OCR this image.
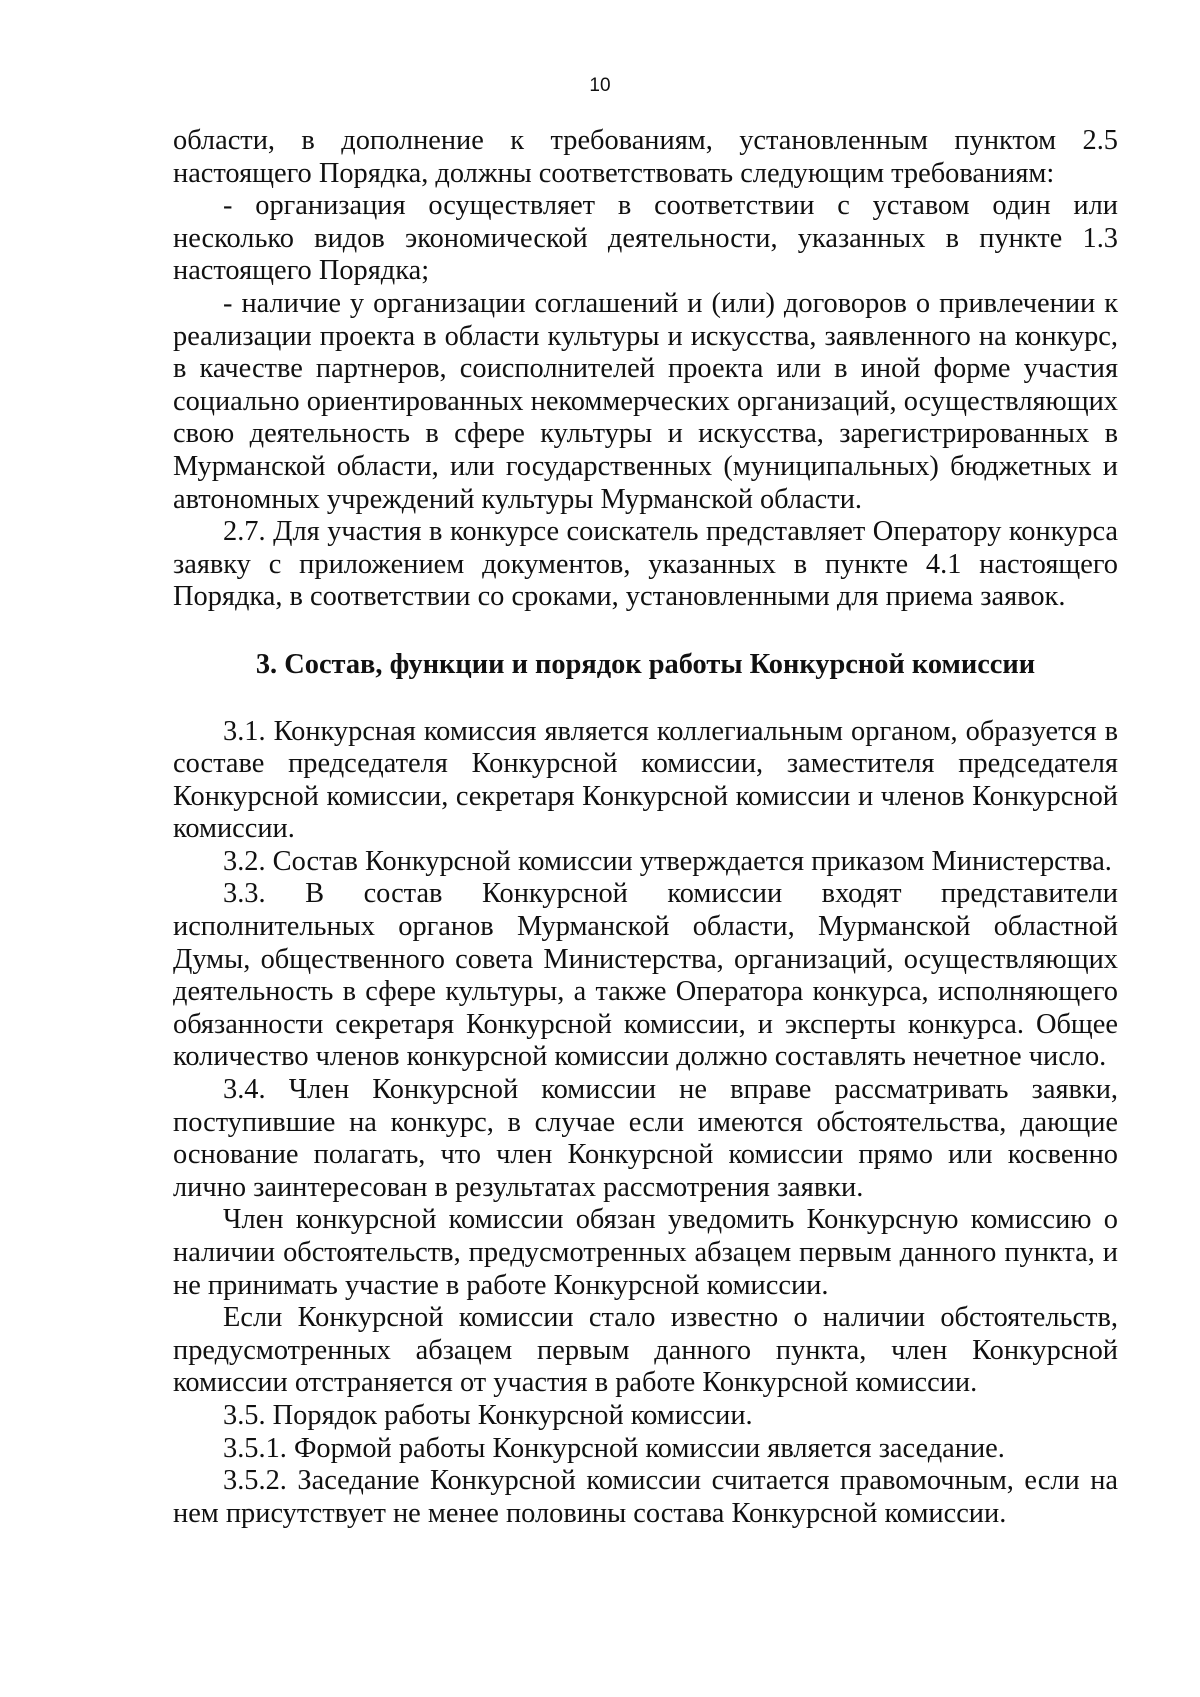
10

области, в дополнение к требованиям, установленным пунктом 2.5 настоящего Порядка, должны соответствовать следующим требованиям:

- организация осуществляет в соответствии с уставом один или несколько видов экономической деятельности, указанных в пункте 1.3 настоящего Порядка;

- наличие у организации соглашений и (или) договоров о привлечении к реализации проекта в области культуры и искусства, заявленного на конкурс, в качестве партнеров, соисполнителей проекта или в иной форме участия социально ориентированных некоммерческих организаций, осуществляющих свою деятельность в сфере культуры и искусства, зарегистрированных в Мурманской области, или государственных (муниципальных) бюджетных и автономных учреждений культуры Мурманской области.

2.7. Для участия в конкурсе соискатель представляет Оператору конкурса заявку с приложением документов, указанных в пункте 4.1 настоящего Порядка, в соответствии со сроками, установленными для приема заявок.

3. Состав, функции и порядок работы Конкурсной комиссии

3.1. Конкурсная комиссия является коллегиальным органом, образуется в составе председателя Конкурсной комиссии, заместителя председателя Конкурсной комиссии, секретаря Конкурсной комиссии и членов Конкурсной комиссии.

3.2. Состав Конкурсной комиссии утверждается приказом Министерства.

3.3. В состав Конкурсной комиссии входят представители исполнительных органов Мурманской области, Мурманской областной Думы, общественного совета Министерства, организаций, осуществляющих деятельность в сфере культуры, а также Оператора конкурса, исполняющего обязанности секретаря Конкурсной комиссии, и эксперты конкурса. Общее количество членов конкурсной комиссии должно составлять нечетное число.

3.4. Член Конкурсной комиссии не вправе рассматривать заявки, поступившие на конкурс, в случае если имеются обстоятельства, дающие основание полагать, что член Конкурсной комиссии прямо или косвенно лично заинтересован в результатах рассмотрения заявки.

Член конкурсной комиссии обязан уведомить Конкурсную комиссию о наличии обстоятельств, предусмотренных абзацем первым данного пункта, и не принимать участие в работе Конкурсной комиссии.

Если Конкурсной комиссии стало известно о наличии обстоятельств, предусмотренных абзацем первым данного пункта, член Конкурсной комиссии отстраняется от участия в работе Конкурсной комиссии.

3.5. Порядок работы Конкурсной комиссии.

3.5.1. Формой работы Конкурсной комиссии является заседание.

3.5.2. Заседание Конкурсной комиссии считается правомочным, если на нем присутствует не менее половины состава Конкурсной комиссии.
